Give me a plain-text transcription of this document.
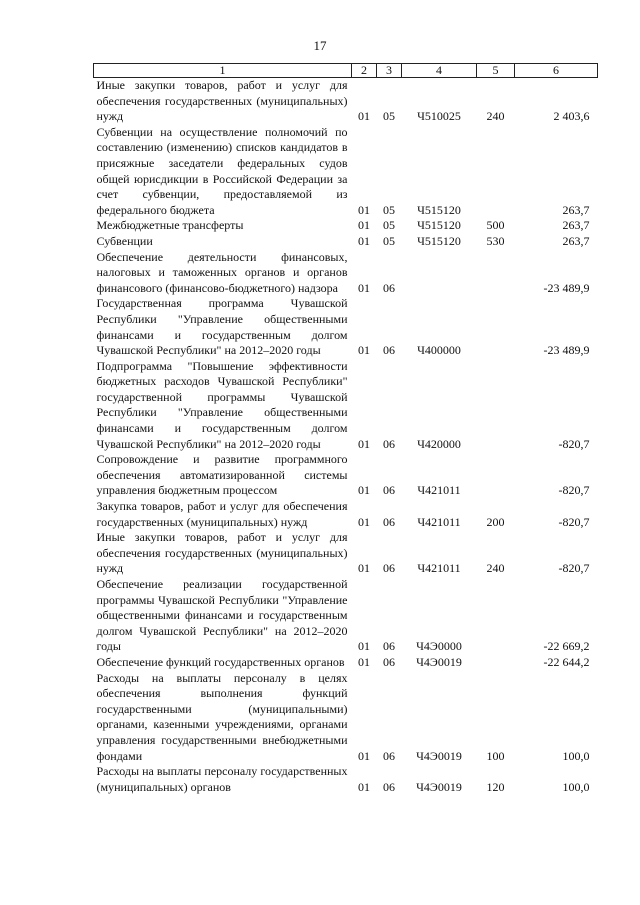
17
1	2	3	4	5	6
Иные закупки товаров, работ и услуг для обеспечения государственных (муниципальных) нужд	01	05	Ч510025	240	2 403,6
Субвенции на осуществление полномочий по составлению (изменению) списков кандидатов в присяжные заседатели федеральных судов общей юрисдикции в Российской Федерации за счет субвенции, предоставляемой из федерального бюджета	01	05	Ч515120		263,7
Межбюджетные трансферты	01	05	Ч515120	500	263,7
Субвенции	01	05	Ч515120	530	263,7
Обеспечение деятельности финансовых, налоговых и таможенных органов и органов финансового (финансово-бюджетного) надзора	01	06			-23 489,9
Государственная программа Чувашской Республики "Управление общественными финансами и государственным долгом Чувашской Республики" на 2012–2020 годы	01	06	Ч400000		-23 489,9
Подпрограмма "Повышение эффективности бюджетных расходов Чувашской Республики" государственной программы Чувашской Республики "Управление общественными финансами и государственным долгом Чувашской Республики" на 2012–2020 годы	01	06	Ч420000		-820,7
Сопровождение и развитие программного обеспечения автоматизированной системы управления бюджетным процессом	01	06	Ч421011		-820,7
Закупка товаров, работ и услуг для обеспечения государственных (муниципальных) нужд	01	06	Ч421011	200	-820,7
Иные закупки товаров, работ и услуг для обеспечения государственных (муниципальных) нужд	01	06	Ч421011	240	-820,7
Обеспечение реализации государственной программы Чувашской Республики "Управление общественными финансами и государственным долгом Чувашской Республики" на 2012–2020 годы	01	06	Ч4Э0000		-22 669,2
Обеспечение функций государственных органов	01	06	Ч4Э0019		-22 644,2
Расходы на выплаты персоналу в целях обеспечения выполнения функций государственными (муниципальными) органами, казенными учреждениями, органами управления государственными внебюджетными фондами	01	06	Ч4Э0019	100	100,0
Расходы на выплаты персоналу государственных (муниципальных) органов	01	06	Ч4Э0019	120	100,0
